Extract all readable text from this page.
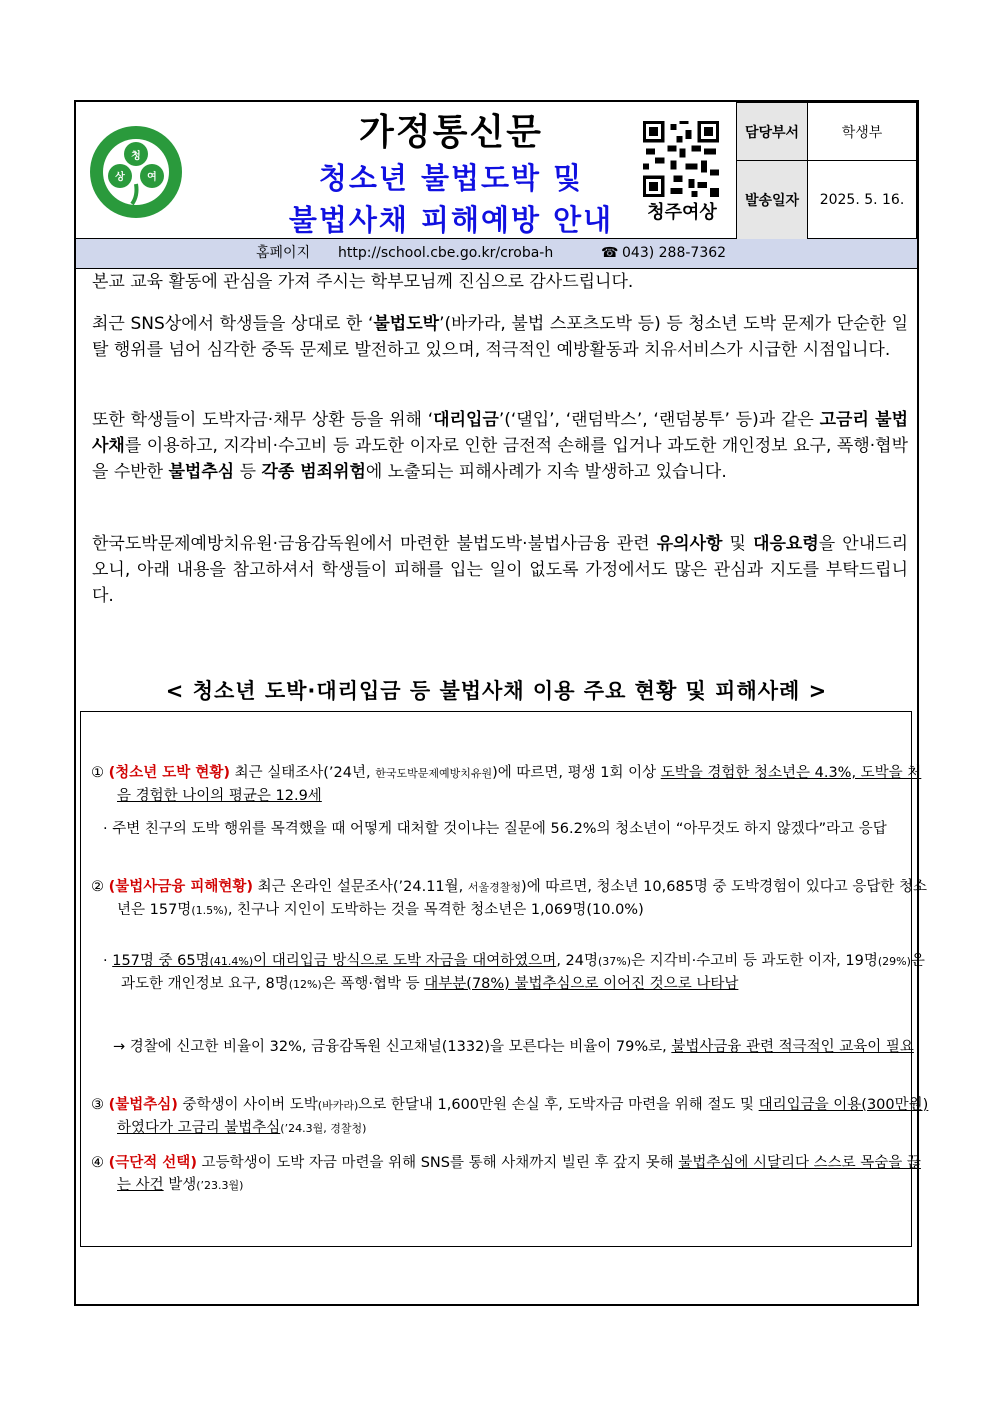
청
상 여
가정통신문
청소년 불법도박 및
불법사채 피해예방 안내	청주여상
담당부서	학생부
발송일자	2025. 5. 16.
홈페이지 http://school.cbe.go.kr/croba-h	☎ 043) 288-7362
본교 교육 활동에 관심을 가져 주시는 학부모님께 진심으로 감사드립니다.
최근 SNS상에서 학생들을 상대로 한 ‘불법도박’(바카라, 불법 스포츠도박 등) 등 청소년 도박 문제가 단순한 일탈 행위를 넘어 심각한 중독 문제로 발전하고 있으며, 적극적인 예방활동과 치유서비스가 시급한 시점입니다.
또한 학생들이 도박자금·채무 상환 등을 위해 ‘대리입금’(‘댈입’, ‘랜덤박스’, ‘랜덤봉투’ 등)과 같은 고금리 불법사채를 이용하고, 지각비·수고비 등 과도한 이자로 인한 금전적 손해를 입거나 과도한 개인정보 요구, 폭행·협박을 수반한 불법추심 등 각종 범죄위험에 노출되는 피해사례가 지속 발생하고 있습니다.
한국도박문제예방치유원·금융감독원에서 마련한 불법도박·불법사금융 관련 유의사항 및 대응요령을 안내드리오니, 아래 내용을 참고하셔서 학생들이 피해를 입는 일이 없도록 가정에서도 많은 관심과 지도를 부탁드립니다.
< 청소년 도박·대리입금 등 불법사채 이용 주요 현황 및 피해사례 >
① (청소년 도박 현황) 최근 실태조사(’24년, 한국도박문제예방치유원)에 따르면, 평생 1회 이상 도박을 경험한 청소년은 4.3%, 도박을 처음 경험한 나이의 평균은 12.9세
· 주변 친구의 도박 행위를 목격했을 때 어떻게 대처할 것이냐는 질문에 56.2%의 청소년이 “아무것도 하지 않겠다”라고 응답
② (불법사금융 피해현황) 최근 온라인 설문조사(’24.11월, 서울경찰청)에 따르면, 청소년 10,685명 중 도박경험이 있다고 응답한 청소년은 157명(1.5%), 친구나 지인이 도박하는 것을 목격한 청소년은 1,069명(10.0%)
· 157명 중 65명(41.4%)이 대리입금 방식으로 도박 자금을 대여하였으며, 24명(37%)은 지각비·수고비 등 과도한 이자, 19명(29%)은 과도한 개인정보 요구, 8명(12%)은 폭행·협박 등 대부분(78%) 불법추심으로 이어진 것으로 나타남
→ 경찰에 신고한 비율이 32%, 금융감독원 신고채널(1332)을 모른다는 비율이 79%로, 불법사금융 관련 적극적인 교육이 필요
③ (불법추심) 중학생이 사이버 도박(바카라)으로 한달내 1,600만원 손실 후, 도박자금 마련을 위해 절도 및 대리입금을 이용(300만원)하였다가 고금리 불법추심(’24.3월, 경찰청)
④ (극단적 선택) 고등학생이 도박 자금 마련을 위해 SNS를 통해 사채까지 빌린 후 갚지 못해 불법추심에 시달리다 스스로 목숨을 끊는 사건 발생(’23.3월)
